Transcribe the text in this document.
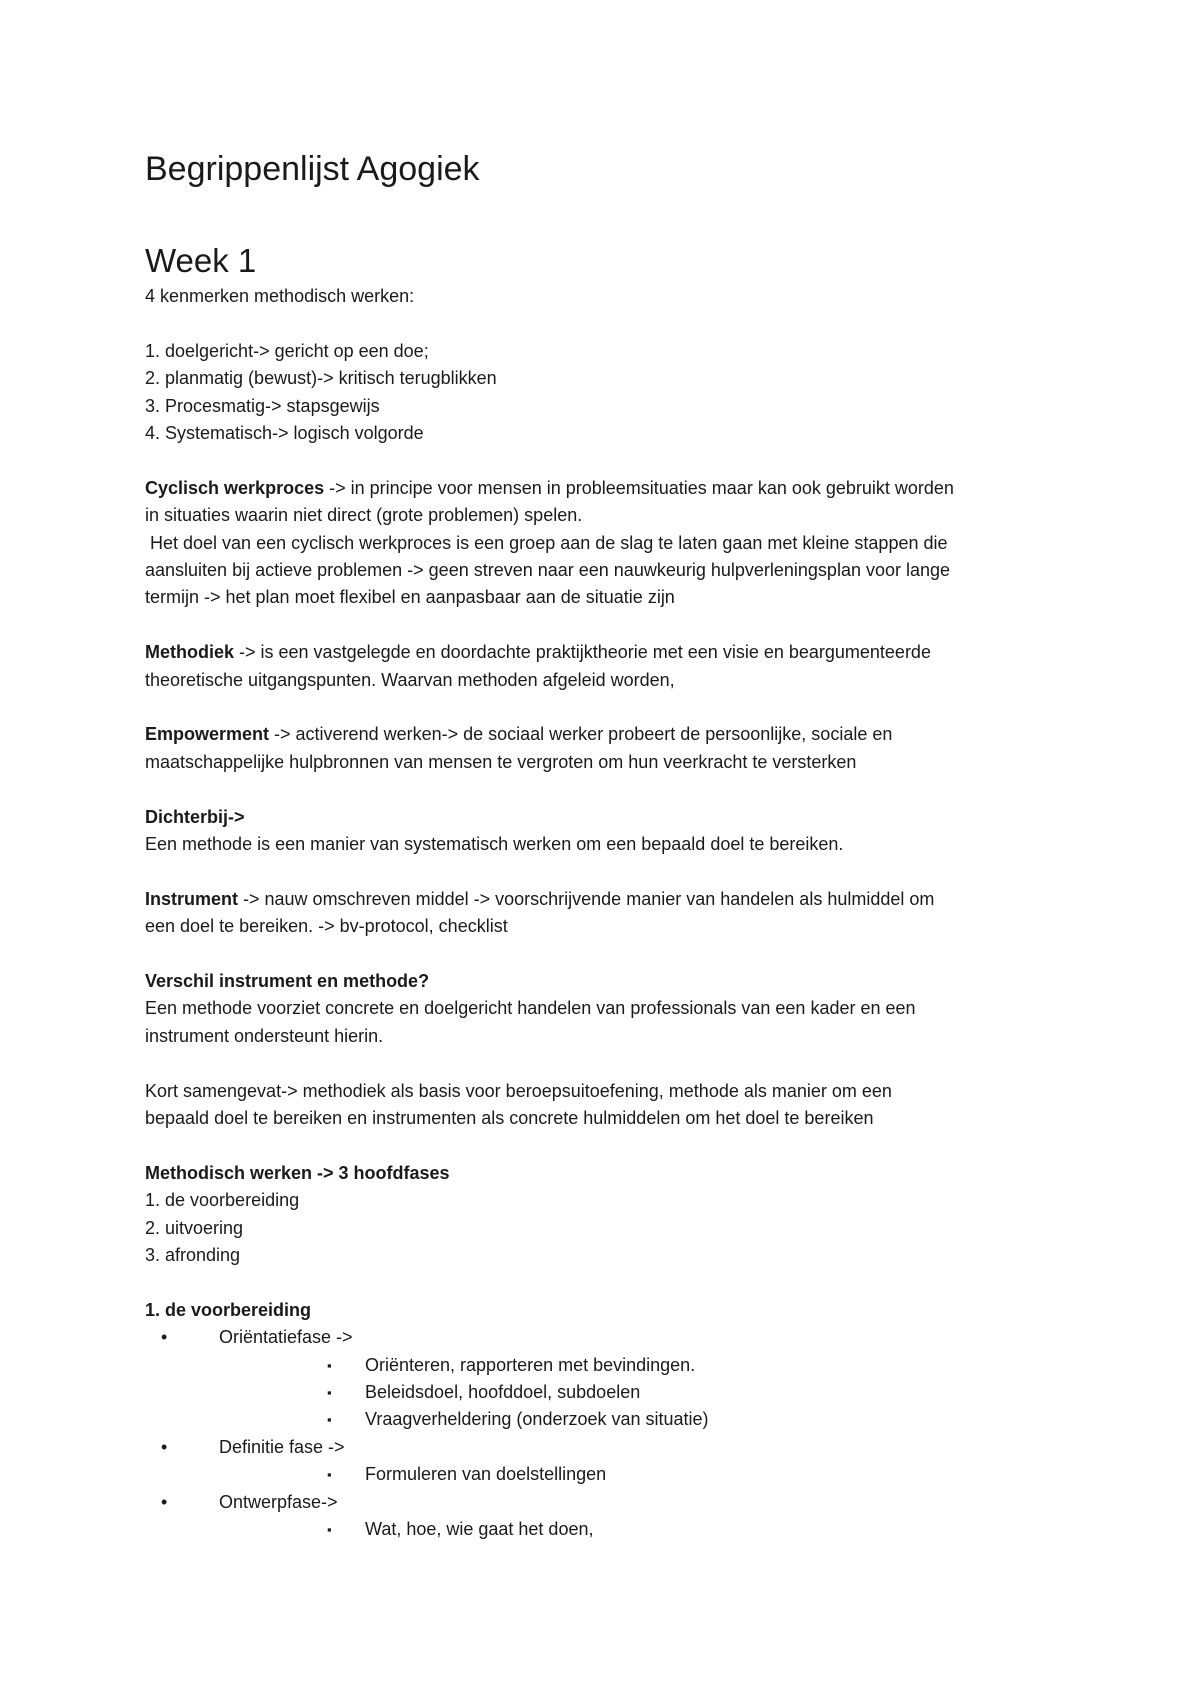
Begrippenlijst Agogiek
Week 1

4 kenmerken methodisch werken:

1. doelgericht-> gericht op een doe;

2. planmatig (bewust)-> kritisch terugblikken

3. Procesmatig-> stapsgewijs

4. Systematisch-> logisch volgorde

Cyclisch werkproces -> in principe voor mensen in probleemsituaties maar kan ook gebruikt worden

in situaties waarin niet direct (grote problemen) spelen.

Het doel van een cyclisch werkproces is een groep aan de slag te laten gaan met kleine stappen die

aansluiten bij actieve problemen -> geen streven naar een nauwkeurig hulpverleningsplan voor lange

termijn -> het plan moet flexibel en aanpasbaar aan de situatie zijn

Methodiek -> is een vastgelegde en doordachte praktijktheorie met een visie en beargumenteerde

theoretische uitgangspunten. Waarvan methoden afgeleid worden,

Empowerment -> activerend werken-> de sociaal werker probeert de persoonlijke, sociale en

maatschappelijke hulpbronnen van mensen te vergroten om hun veerkracht te versterken

Dichterbij->

Een methode is een manier van systematisch werken om een bepaald doel te bereiken.

Instrument -> nauw omschreven middel -> voorschrijvende manier van handelen als hulmiddel om

een doel te bereiken. -> bv-protocol, checklist

Verschil instrument en methode?

Een methode voorziet concrete en doelgericht handelen van professionals van een kader en een

instrument ondersteunt hierin.

Kort samengevat-> methodiek als basis voor beroepsuitoefening, methode als manier om een

bepaald doel te bereiken en instrumenten als concrete hulmiddelen om het doel te bereiken

Methodisch werken -> 3 hoofdfases

1. de voorbereiding

2. uitvoering

3. afronding

1. de voorbereiding

•	Oriëntatiefase ->
▪ Oriënteren, rapporteren met bevindingen.
▪ Beleidsdoel, hoofddoel, subdoelen
▪ Vraagverheldering (onderzoek van situatie)
•	Definitie fase ->
▪ Formuleren van doelstellingen
•	Ontwerpfase->
▪ Wat, hoe, wie gaat het doen,
